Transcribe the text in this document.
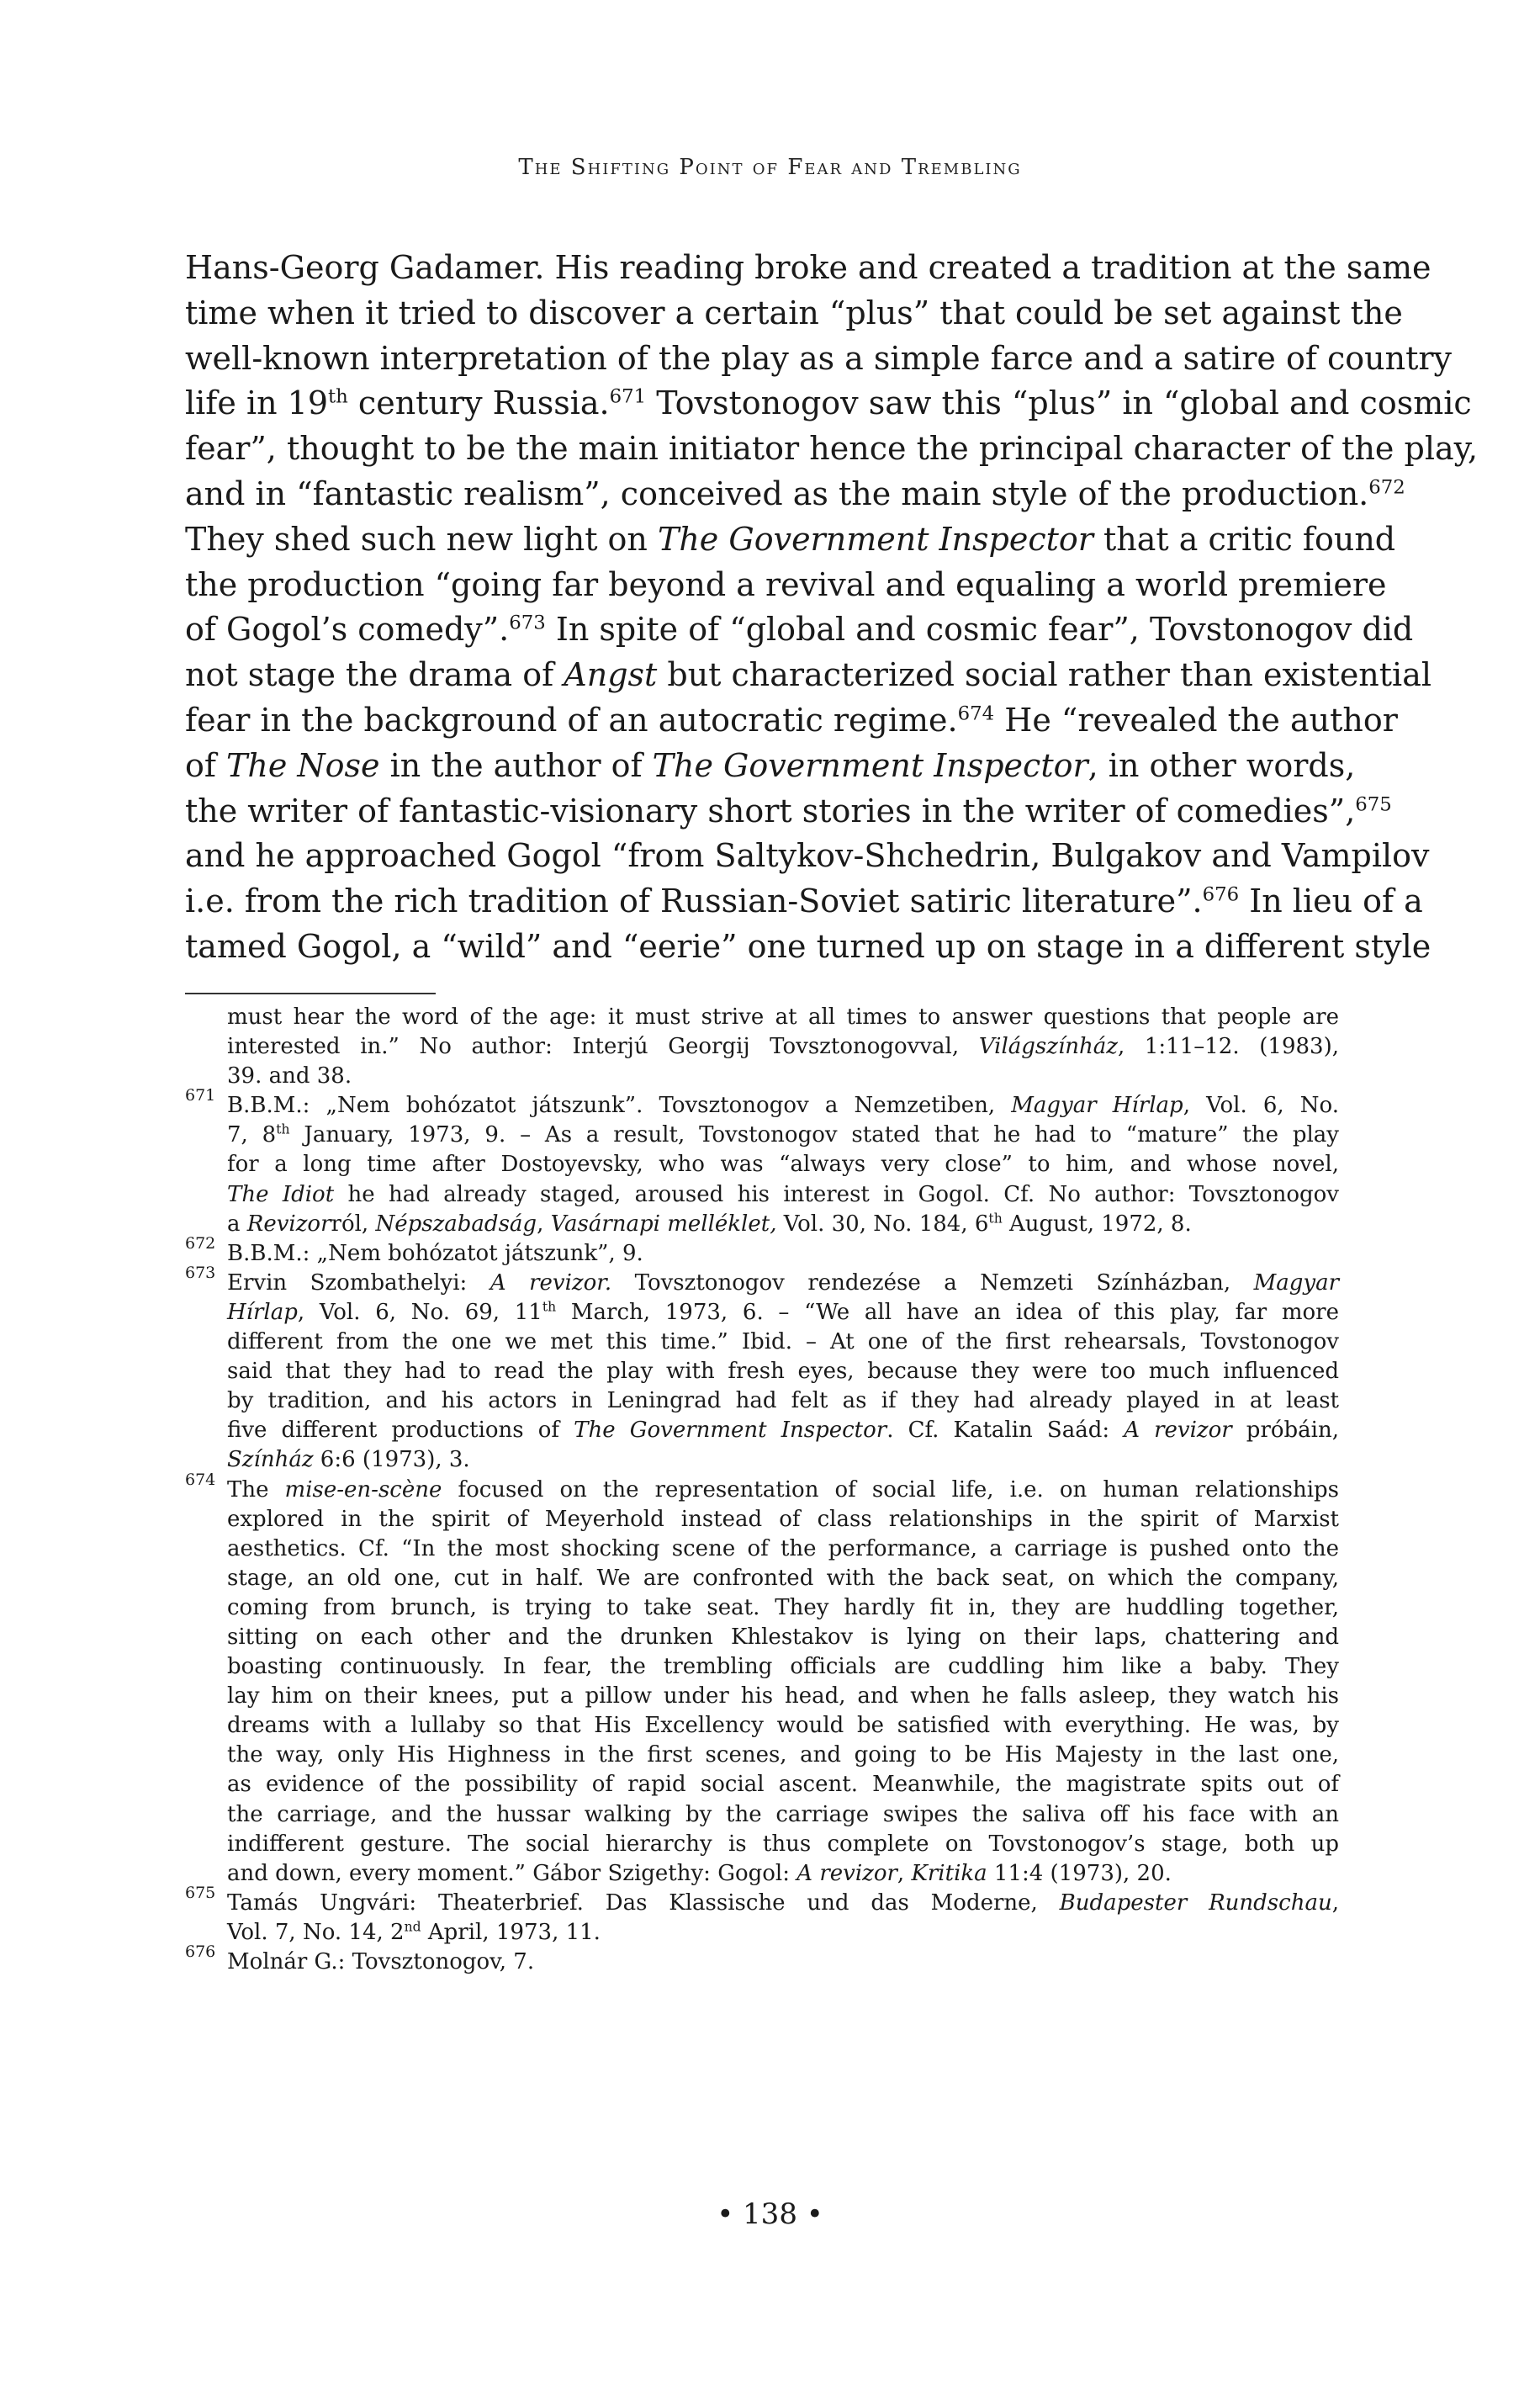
The Shifting Point of Fear and Trembling
Hans-Georg Gadamer. His reading broke and created a tradition at the same
time when it tried to discover a certain “plus” that could be set against the
well-known interpretation of the play as a simple farce and a satire of country
life in 19th century Russia.$^{671}$ Tovstonogov saw this “plus” in “global and cosmic
fear”, thought to be the main initiator hence the principal character of the play,
and in “fantastic realism”, conceived as the main style of the production.$^{672}$
They shed such new light on The Government Inspector that a critic found
the production “going far beyond a revival and equaling a world premiere
of Gogol’s comedy”.$^{673}$ In spite of “global and cosmic fear”, Tovstonogov did
not stage the drama of Angst but characterized social rather than existential
fear in the background of an autocratic regime.$^{674}$ He “revealed the author
of The Nose in the author of The Government Inspector, in other words,
the writer of fantastic-visionary short stories in the writer of comedies”,$^{675}$
and he approached Gogol “from Saltykov-Shchedrin, Bulgakov and Vampilov
i.e. from the rich tradition of Russian-Soviet satiric literature”.$^{676}$ In lieu of a
tamed Gogol, a “wild” and “eerie” one turned up on stage in a different style
must hear the word of the age: it must strive at all times to answer questions that people are
interested in.” No author: Interjú Georgij Tovsztonogovval, Világszínház, 1:11–12. (1983),
39. and 38.
671 B.B.M.: „Nem bohózatot játszunk”. Tovsztonogov a Nemzetiben, Magyar Hírlap, Vol. 6, No.
7, 8th January, 1973, 9. – As a result, Tovstonogov stated that he had to “mature” the play
for a long time after Dostoyevsky, who was “always very close” to him, and whose novel,
The Idiot he had already staged, aroused his interest in Gogol. Cf. No author: Tovsztonogov
a Revizorról, Népszabadság, Vasárnapi melléklet, Vol. 30, No. 184, 6th August, 1972, 8.
672 B.B.M.: „Nem bohózatot játszunk”, 9.
673 Ervin Szombathelyi: A revizor. Tovsztonogov rendezése a Nemzeti Színházban, Magyar
Hírlap, Vol. 6, No. 69, 11th March, 1973, 6. – “We all have an idea of this play, far more
different from the one we met this time.” Ibid. – At one of the first rehearsals, Tovstonogov
said that they had to read the play with fresh eyes, because they were too much influenced
by tradition, and his actors in Leningrad had felt as if they had already played in at least
five different productions of The Government Inspector. Cf. Katalin Saád: A revizor próbáin,
Színház 6:6 (1973), 3.
674 The mise-en-scène focused on the representation of social life, i.e. on human relationships
explored in the spirit of Meyerhold instead of class relationships in the spirit of Marxist
aesthetics. Cf. “In the most shocking scene of the performance, a carriage is pushed onto the
stage, an old one, cut in half. We are confronted with the back seat, on which the company,
coming from brunch, is trying to take seat. They hardly fit in, they are huddling together,
sitting on each other and the drunken Khlestakov is lying on their laps, chattering and
boasting continuously. In fear, the trembling officials are cuddling him like a baby. They
lay him on their knees, put a pillow under his head, and when he falls asleep, they watch his
dreams with a lullaby so that His Excellency would be satisfied with everything. He was, by
the way, only His Highness in the first scenes, and going to be His Majesty in the last one,
as evidence of the possibility of rapid social ascent. Meanwhile, the magistrate spits out of
the carriage, and the hussar walking by the carriage swipes the saliva off his face with an
indifferent gesture. The social hierarchy is thus complete on Tovstonogov’s stage, both up
and down, every moment.” Gábor Szigethy: Gogol: A revizor, Kritika 11:4 (1973), 20.
675 Tamás Ungvári: Theaterbrief. Das Klassische und das Moderne, Budapester Rundschau,
Vol. 7, No. 14, 2nd April, 1973, 11.
676 Molnár G.: Tovsztonogov, 7.
• 138 •
